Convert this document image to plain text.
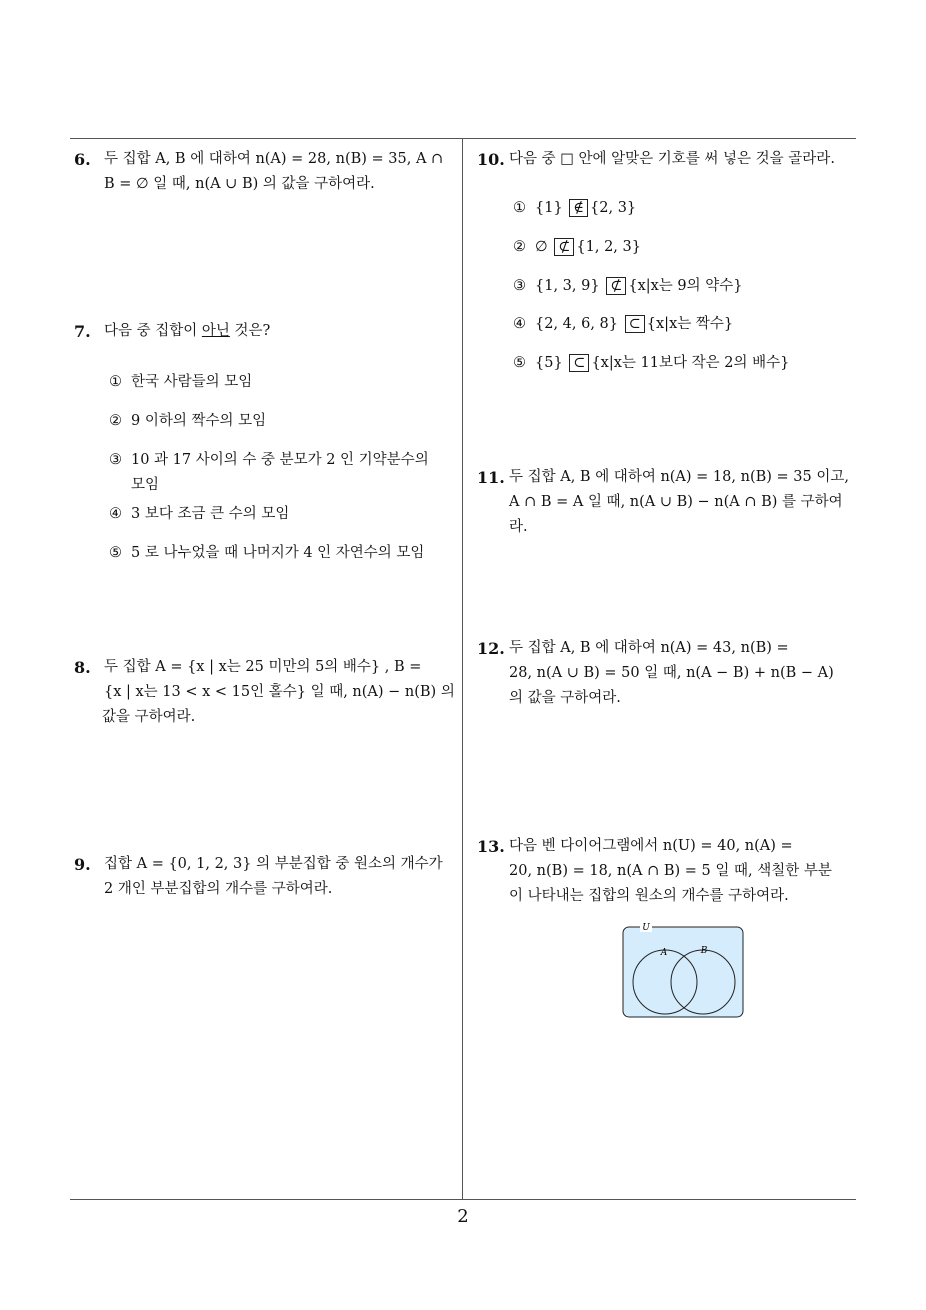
6. 두 집합 A, B 에 대하여 n(A) = 28, n(B) = 35, A ∩
B = ∅ 일 때, n(A ∪ B) 의 값을 구하여라.
7. 다음 중 집합이 아닌 것은?
① 한국 사람들의 모임
② 9 이하의 짝수의 모임
③ 10 과 17 사이의 수 중 분모가 2 인 기약분수의
모임
④ 3 보다 조금 큰 수의 모임
⑤ 5 로 나누었을 때 나머지가 4 인 자연수의 모임
8. 두 집합 A = {x | x는 25 미만의 5의 배수} , B =
{x | x는 13 < x < 15인 홀수} 일 때, n(A) − n(B) 의
값을 구하여라.
9. 집합 A = {0, 1, 2, 3} 의 부분집합 중 원소의 개수가
2 개인 부분집합의 개수를 구하여라.
10. 다음 중 □ 안에 알맞은 기호를 써 넣은 것을 골라라.
① {1} ∉ {2, 3}
② ∅ ⊄ {1, 2, 3}
③ {1, 3, 9} ⊄ {x|x는 9의 약수}
④ {2, 4, 6, 8} ⊂ {x|x는 짝수}
⑤ {5} ⊂ {x|x는 11보다 작은 2의 배수}
11. 두 집합 A, B 에 대하여 n(A) = 18, n(B) = 35 이고,
A ∩ B = A 일 때, n(A ∪ B) − n(A ∩ B) 를 구하여라.
12. 두 집합 A, B 에 대하여 n(A) = 43, n(B) =
28, n(A ∪ B) = 50 일 때, n(A − B) + n(B − A)
의 값을 구하여라.
13. 다음 벤 다이어그램에서 n(U) = 40, n(A) =
20, n(B) = 18, n(A ∩ B) = 5 일 때, 색칠한 부분
이 나타내는 집합의 원소의 개수를 구하여라.
U
A	B
2
